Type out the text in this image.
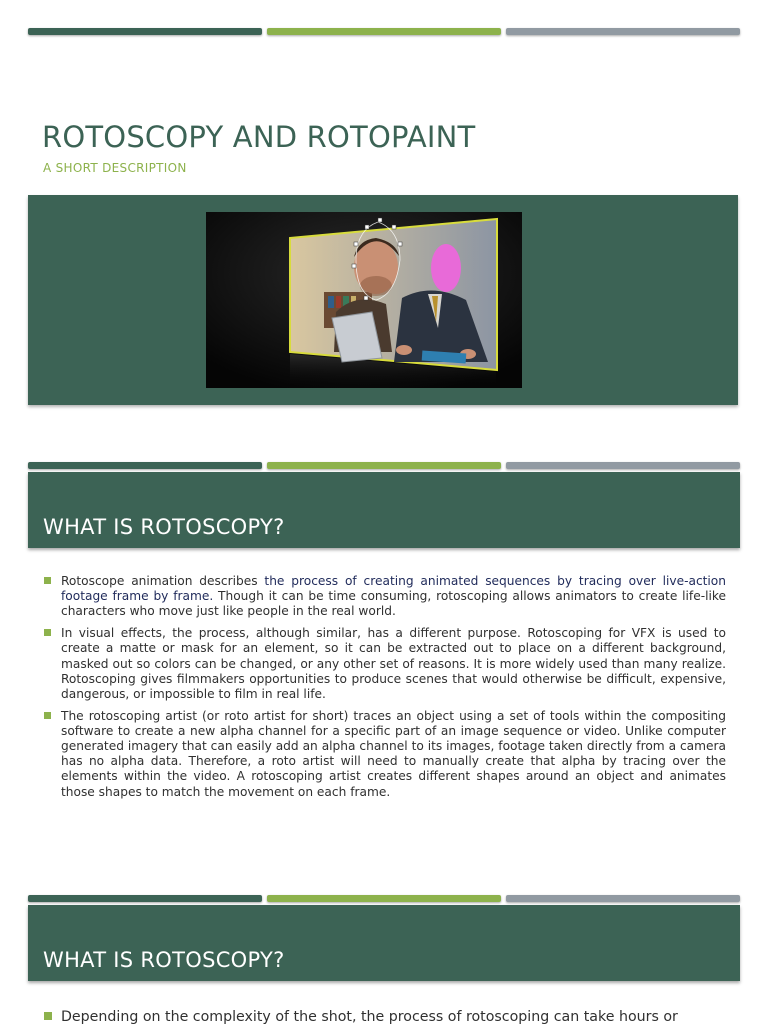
ROTOSCOPY AND ROTOPAINT
A SHORT DESCRIPTION
WHAT IS ROTOSCOPY?
Rotoscope animation describes the process of creating animated sequences by tracing over live-action footage frame by frame. Though it can be time consuming, rotoscoping allows animators to create life-like characters who move just like people in the real world.
In visual effects, the process, although similar, has a different purpose. Rotoscoping for VFX is used to create a matte or mask for an element, so it can be extracted out to place on a different background, masked out so colors can be changed, or any other set of reasons. It is more widely used than many realize. Rotoscoping gives filmmakers opportunities to produce scenes that would otherwise be difficult, expensive, dangerous, or impossible to film in real life.
The rotoscoping artist (or roto artist for short) traces an object using a set of tools within the compositing software to create a new alpha channel for a specific part of an image sequence or video. Unlike computer generated imagery that can easily add an alpha channel to its images, footage taken directly from a camera has no alpha data. Therefore, a roto artist will need to manually create that alpha by tracing over the elements within the video. A rotoscoping artist creates different shapes around an object and animates those shapes to match the movement on each frame.
WHAT IS ROTOSCOPY?
Depending on the complexity of the shot, the process of rotoscoping can take hours or
